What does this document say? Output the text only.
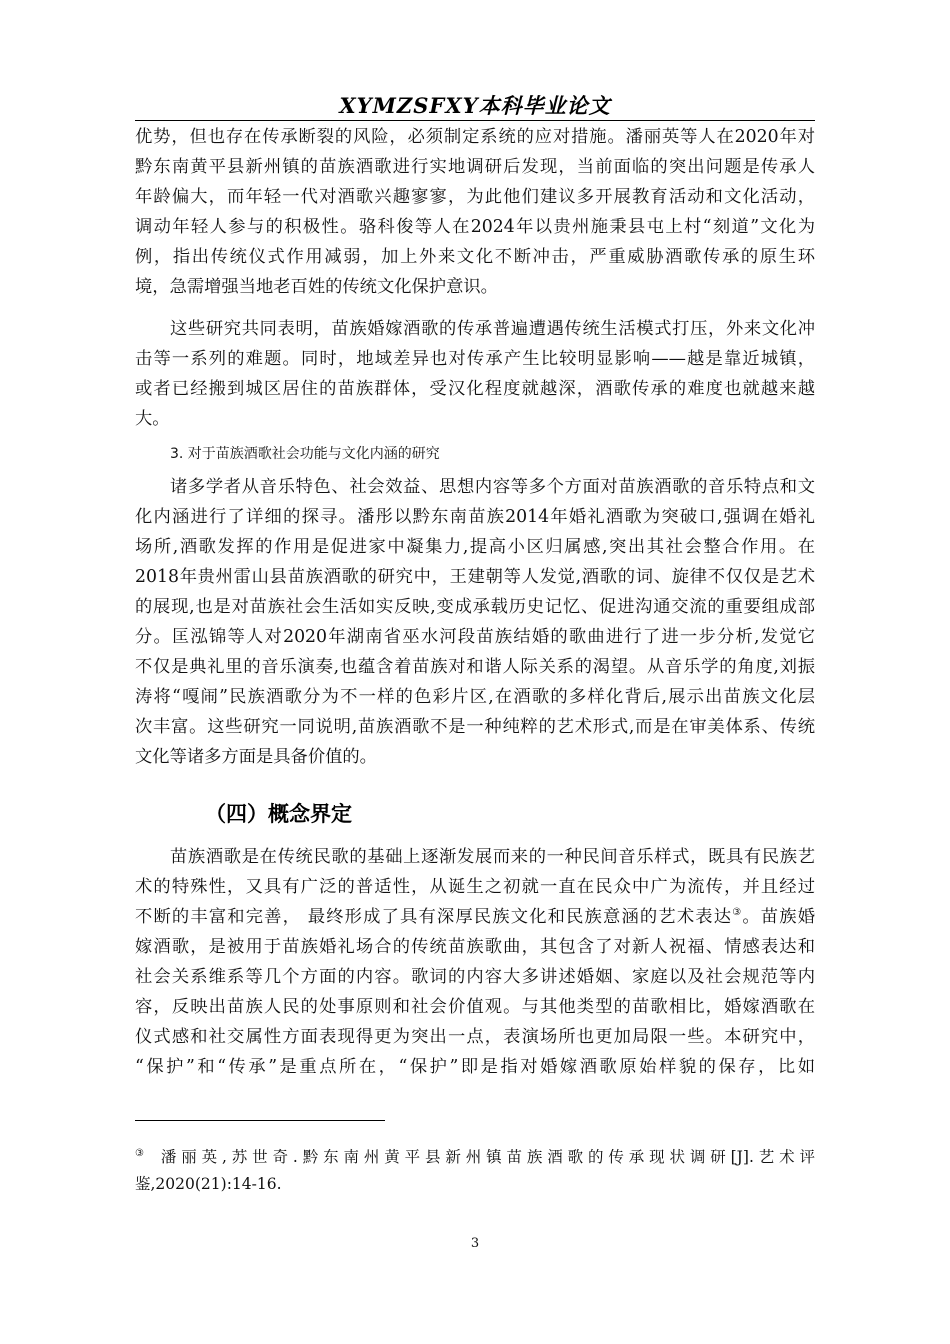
XYMZSFXY本科毕业论文
优势，但也存在传承断裂的风险，必须制定系统的应对措施。潘丽英等人在2020年对
黔东南黄平县新州镇的苗族酒歌进行实地调研后发现，当前面临的突出问题是传承人
年龄偏大，而年轻一代对酒歌兴趣寥寥，为此他们建议多开展教育活动和文化活动，
调动年轻人参与的积极性。骆科俊等人在2024年以贵州施秉县屯上村“刻道”文化为
例，指出传统仪式作用减弱，加上外来文化不断冲击，严重威胁酒歌传承的原生环
境，急需增强当地老百姓的传统文化保护意识。
这些研究共同表明，苗族婚嫁酒歌的传承普遍遭遇传统生活模式打压，外来文化冲
击等一系列的难题。同时，地域差异也对传承产生比较明显影响——越是靠近城镇，
或者已经搬到城区居住的苗族群体，受汉化程度就越深，酒歌传承的难度也就越来越
大。
3. 对于苗族酒歌社会功能与文化内涵的研究
诸多学者从音乐特色、社会效益、思想内容等多个方面对苗族酒歌的音乐特点和文
化内涵进行了详细的探寻。潘彤以黔东南苗族2014年婚礼酒歌为突破口,强调在婚礼
场所,酒歌发挥的作用是促进家中凝集力,提高小区归属感,突出其社会整合作用。在
2018年贵州雷山县苗族酒歌的研究中，王建朝等人发觉,酒歌的词、旋律不仅仅是艺术
的展现,也是对苗族社会生活如实反映,变成承载历史记忆、促进沟通交流的重要组成部
分。匡泓锦等人对2020年湖南省巫水河段苗族结婚的歌曲进行了进一步分析,发觉它
不仅是典礼里的音乐演奏,也蕴含着苗族对和谐人际关系的渴望。从音乐学的角度,刘振
涛将“嘎闹”民族酒歌分为不一样的色彩片区,在酒歌的多样化背后,展示出苗族文化层
次丰富。这些研究一同说明,苗族酒歌不是一种纯粹的艺术形式,而是在审美体系、传统
文化等诸多方面是具备价值的。
（四）概念界定
苗族酒歌是在传统民歌的基础上逐渐发展而来的一种民间音乐样式，既具有民族艺
术的特殊性，又具有广泛的普适性，从诞生之初就一直在民众中广为流传，并且经过
不断的丰富和完善， 最终形成了具有深厚民族文化和民族意涵的艺术表达③。苗族婚
嫁酒歌，是被用于苗族婚礼场合的传统苗族歌曲，其包含了对新人祝福、情感表达和
社会关系维系等几个方面的内容。歌词的内容大多讲述婚姻、家庭以及社会规范等内
容，反映出苗族人民的处事原则和社会价值观。与其他类型的苗歌相比，婚嫁酒歌在
仪式感和社交属性方面表现得更为突出一点，表演场所也更加局限一些。本研究中，
“保护”和“传承”是重点所在，“保护”即是指对婚嫁酒歌原始样貌的保存，比如
③ 潘丽英,苏世奇.黔东南州黄平县新州镇苗族酒歌的传承现状调研[J].艺术评
鉴,2020(21):14-16.
3
